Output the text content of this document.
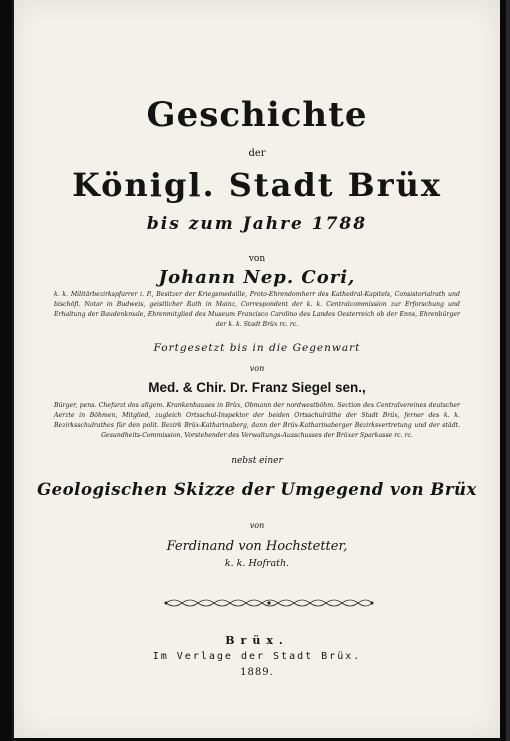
Geschichte
der
Königl. Stadt Brüx
bis zum Jahre 1788
von
Johann Nep. Cori,
k. k. Militärbezirkspfarrer i. P., Besitzer der Kriegsmedaille, Proto-Ehrendomherr des Kathedral-Kapitels, Consistorialrath und bischöfl. Notar in Budweis, geistlicher Rath in Mainz, Correspondent der k. k. Centralcommission zur Erforschung und Erhaltung der Baudenkmale, Ehrenmitglied des Museum Francisco Carolino des Landes Oesterreich ob der Enns, Ehrenbürger der k. k. Stadt Brüx rc. rc.
Fortgesetzt bis in die Gegenwart
von
Med. & Chir. Dr. Franz Siegel sen.,
Bürger, pens. Chefarzt des allgem. Krankenhauses in Brüx, Obmann der nordwestböhm. Section des Centralvereines deutscher Aerzte in Böhmen, Mitglied, zugleich Ortsschul-Inspektor der beiden Ortsschulräthe der Stadt Brüx, ferner des k. k. Bezirksschulrathes für den polit. Bezirk Brüx-Katharinaberg, dann der Brüx-Katharinaberger Bezirksvertretung und der städt. Gesundheits-Commission, Vorstehender des Verwaltungs-Ausschusses der Brüxer Sparkasse rc. rc.
nebst einer
Geologischen Skizze der Umgegend von Brüx
von
Ferdinand von Hochstetter,
k. k. Hofrath.
Brüx.
Im Verlage der Stadt Brüx.
1889.
